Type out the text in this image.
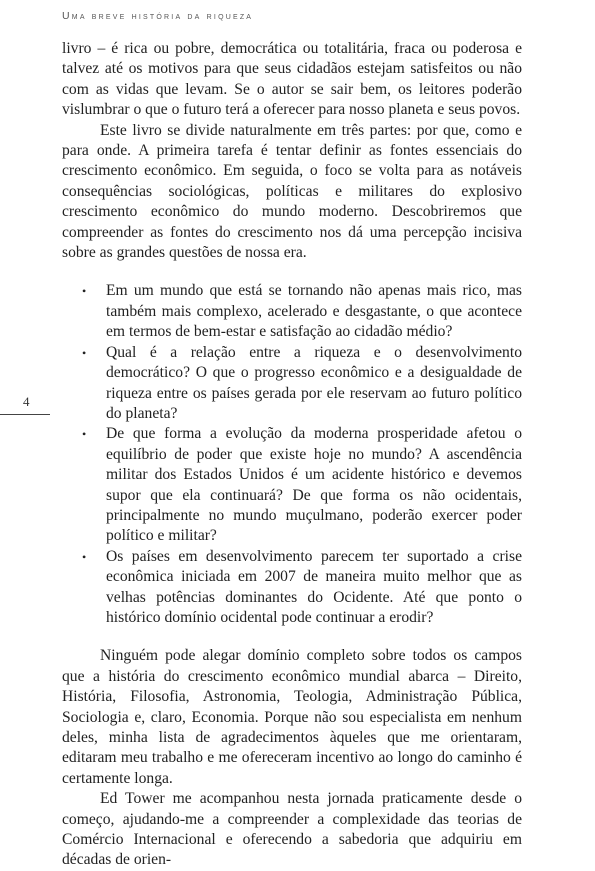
Uma breve história da riqueza
4

livro – é rica ou pobre, democrática ou totalitária, fraca ou poderosa e talvez até os motivos para que seus cidadãos estejam satisfeitos ou não com as vidas que levam. Se o autor se sair bem, os leitores poderão vislumbrar o que o futuro terá a oferecer para nosso planeta e seus povos.

Este livro se divide naturalmente em três partes: por que, como e para onde. A primeira tarefa é tentar definir as fontes essenciais do crescimento econômico. Em seguida, o foco se volta para as notáveis consequências sociológicas, políticas e militares do explosivo crescimento econômico do mundo moderno. Descobriremos que compreender as fontes do crescimento nos dá uma percepção incisiva sobre as grandes questões de nossa era.

• Em um mundo que está se tornando não apenas mais rico, mas também mais complexo, acelerado e desgastante, o que acontece em termos de bem-estar e satisfação ao cidadão médio?
• Qual é a relação entre a riqueza e o desenvolvimento democrático? O que o progresso econômico e a desigualdade de riqueza entre os países gerada por ele reservam ao futuro político do planeta?
• De que forma a evolução da moderna prosperidade afetou o equilíbrio de poder que existe hoje no mundo? A ascendência militar dos Estados Unidos é um acidente histórico e devemos supor que ela continuará? De que forma os não ocidentais, principalmente no mundo muçulmano, poderão exercer poder político e militar?
• Os países em desenvolvimento parecem ter suportado a crise econômica iniciada em 2007 de maneira muito melhor que as velhas potências dominantes do Ocidente. Até que ponto o histórico domínio ocidental pode continuar a erodir?

Ninguém pode alegar domínio completo sobre todos os campos que a história do crescimento econômico mundial abarca – Direito, História, Filosofia, Astronomia, Teologia, Administração Pública, Sociologia e, claro, Economia. Porque não sou especialista em nenhum deles, minha lista de agradecimentos àqueles que me orientaram, editaram meu trabalho e me ofereceram incentivo ao longo do caminho é certamente longa.

Ed Tower me acompanhou nesta jornada praticamente desde o começo, ajudando-me a compreender a complexidade das teorias de Comércio Internacional e oferecendo a sabedoria que adquiriu em décadas de orien-
